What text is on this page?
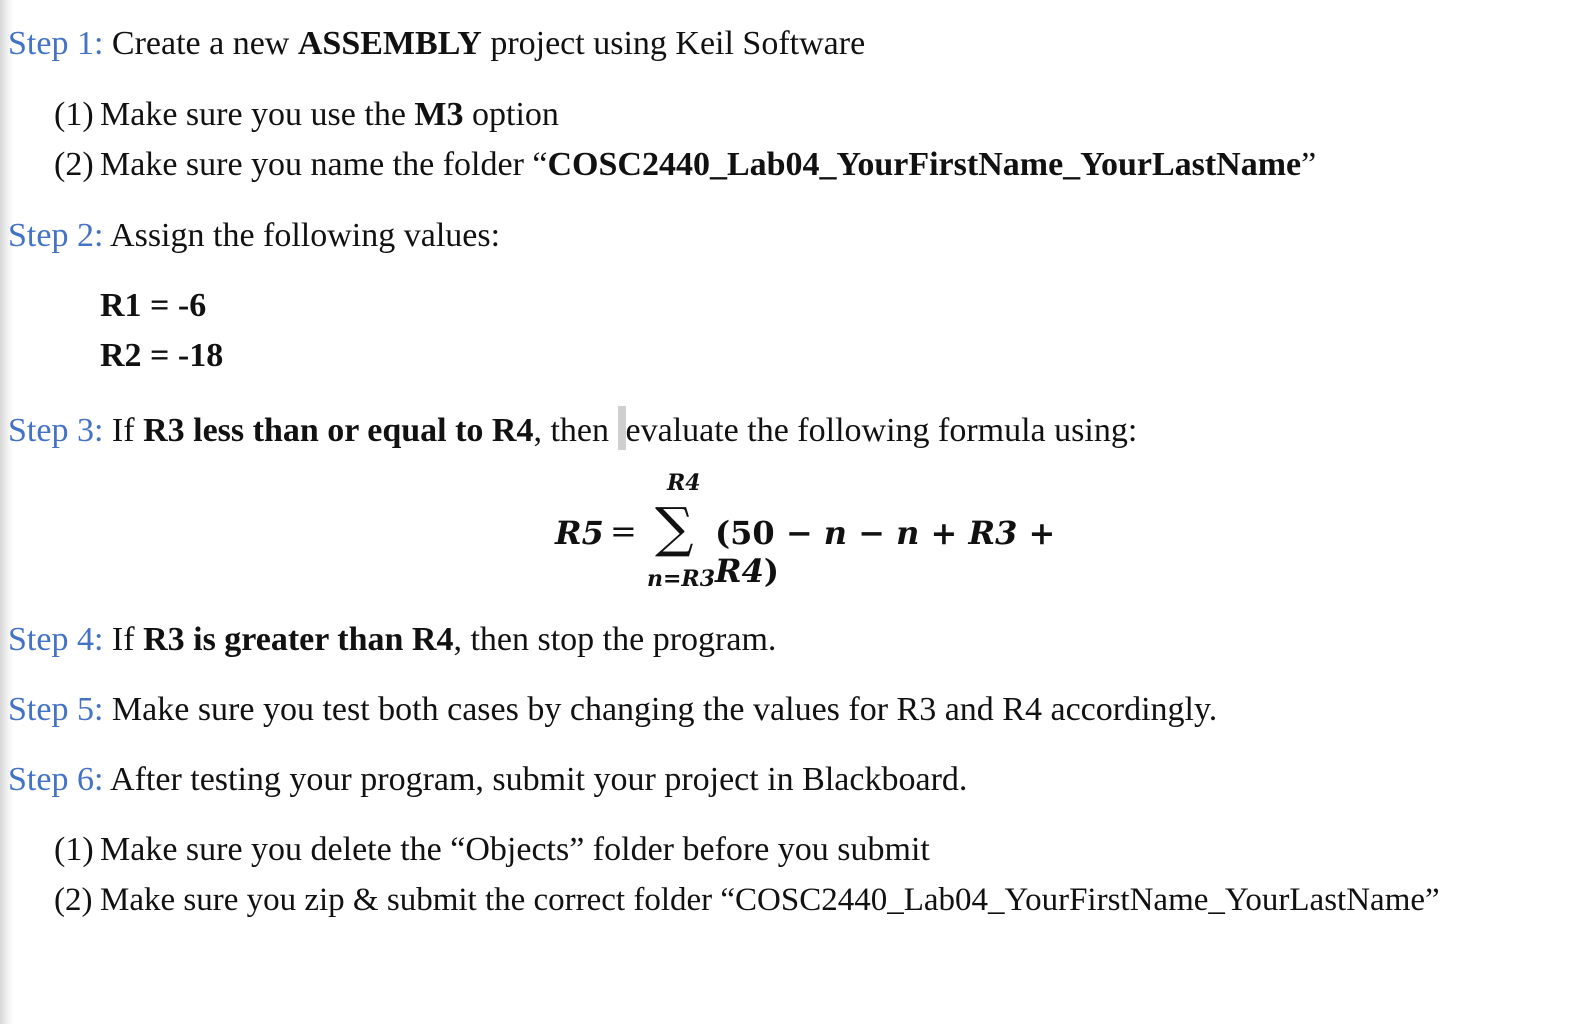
Step 1: Create a new ASSEMBLY project using Keil Software
(1) Make sure you use the M3 option
(2) Make sure you name the folder “COSC2440_Lab04_YourFirstName_YourLastName”
Step 2: Assign the following values:
R1 = -6
R2 = -18
Step 3: If R3 less than or equal to R4, then evaluate the following formula using:
R5 =
R4
∑
n=R3
(50 − n − n + R3 + R4)
Step 4: If R3 is greater than R4, then stop the program.
Step 5: Make sure you test both cases by changing the values for R3 and R4 accordingly.
Step 6: After testing your program, submit your project in Blackboard.
(1) Make sure you delete the “Objects” folder before you submit
(2) Make sure you zip & submit the correct folder “COSC2440_Lab04_YourFirstName_YourLastName”
